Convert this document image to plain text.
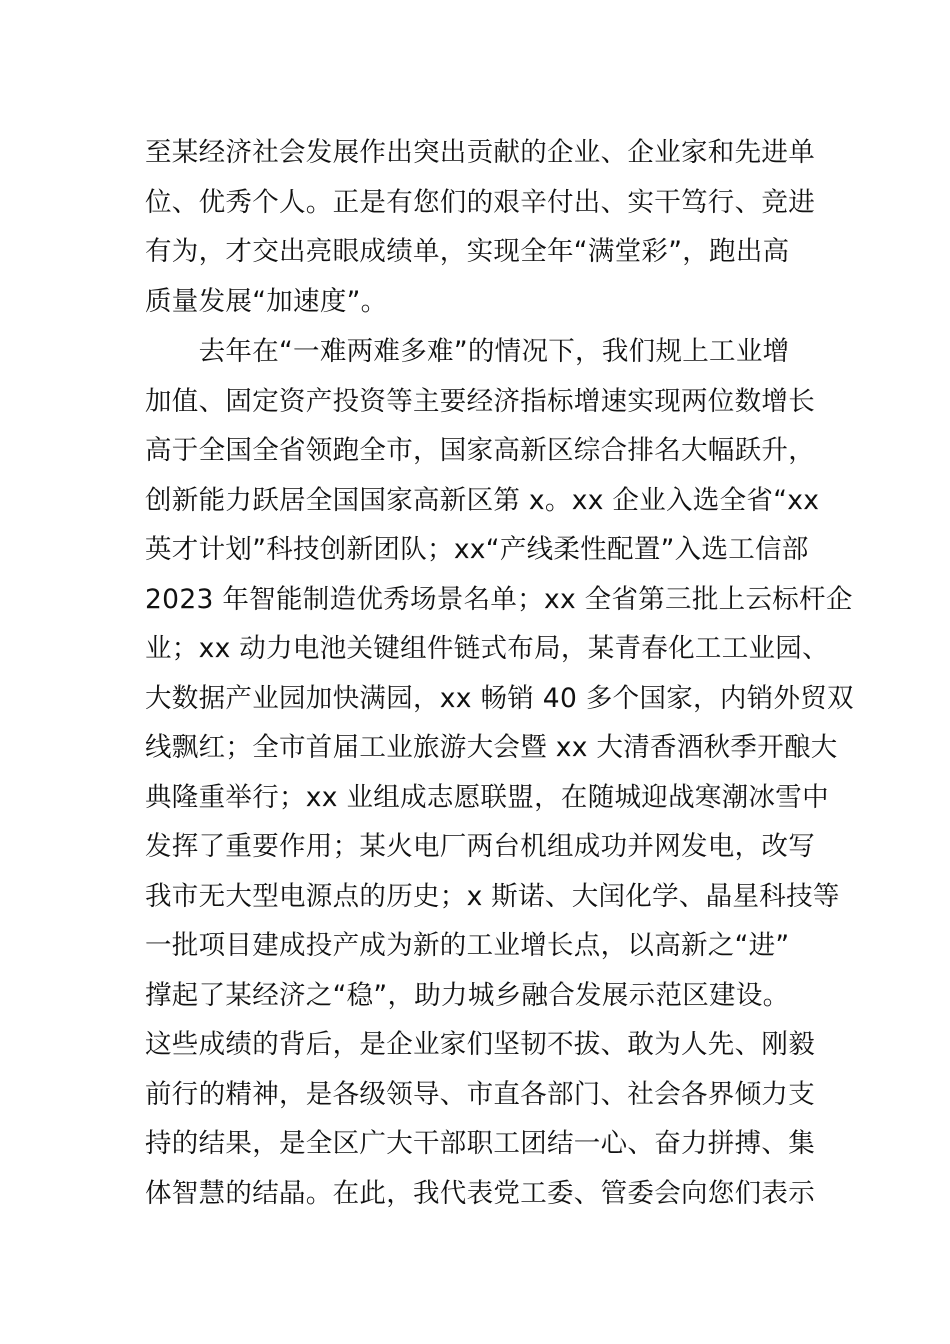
至某经济社会发展作出突出贡献的企业、企业家和先进单
位、优秀个人。正是有您们的艰辛付出、实干笃行、竞进
有为，才交出亮眼成绩单，实现全年“满堂彩”，跑出高
质量发展“加速度”。
　　去年在“一难两难多难”的情况下，我们规上工业增
加值、固定资产投资等主要经济指标增速实现两位数增长
高于全国全省领跑全市，国家高新区综合排名大幅跃升，
创新能力跃居全国国家高新区第 x。xx 企业入选全省“xx
英才计划”科技创新团队；xx“产线柔性配置”入选工信部
2023 年智能制造优秀场景名单；xx 全省第三批上云标杆企
业；xx 动力电池关键组件链式布局，某青春化工工业园、
大数据产业园加快满园，xx 畅销 40 多个国家，内销外贸双
线飘红；全市首届工业旅游大会暨 xx 大清香酒秋季开酿大
典隆重举行；xx 业组成志愿联盟，在随城迎战寒潮冰雪中
发挥了重要作用；某火电厂两台机组成功并网发电，改写
我市无大型电源点的历史；x 斯诺、大闰化学、晶星科技等
一批项目建成投产成为新的工业增长点，以高新之“进”
撑起了某经济之“稳”，助力城乡融合发展示范区建设。
这些成绩的背后，是企业家们坚韧不拔、敢为人先、刚毅
前行的精神，是各级领导、市直各部门、社会各界倾力支
持的结果，是全区广大干部职工团结一心、奋力拼搏、集
体智慧的结晶。在此，我代表党工委、管委会向您们表示
